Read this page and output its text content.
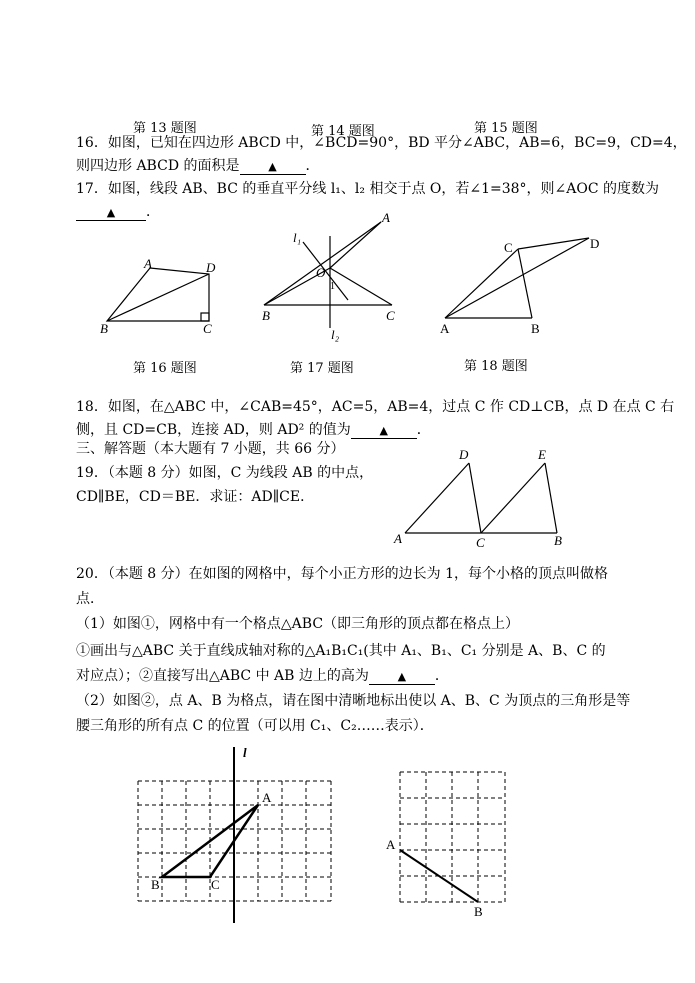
第 13 题图	第 14 题图	第 15 题图
16．如图，已知在四边形 ABCD 中，∠BCD=90°，BD 平分∠ABC，AB=6，BC=9，CD=4，
则四边形 ABCD 的面积是	▲ ．
17．如图，线段 AB、BC 的垂直平分线 l₁、l₂ 相交于点 O，若∠1=38°，则∠AOC 的度数为
▲ ．
A	D
B	C
第 16 题图
l₁
A
O
1
B	C
l₂
第 17 题图
C	D
A	B
第 18 题图
18．如图，在△ABC 中，∠CAB=45°，AC=5，AB=4，过点 C 作 CD⊥CB，点 D 在点 C 右
侧，且 CD=CB，连接 AD，则 AD² 的值为	▲ ．
三、解答题（本大题有 7 小题，共 66 分）
19．（本题 8 分）如图，C 为线段 AB 的中点，
CD∥BE，CD＝BE．求证：AD∥CE．
D	E
A	C	B
20．（本题 8 分）在如图的网格中，每个小正方形的边长为 1，每个小格的顶点叫做格
点．
（1）如图①，网格中有一个格点△ABC（即三角形的顶点都在格点上）
①画出与△ABC 关于直线成轴对称的△A₁B₁C₁(其中 A₁、B₁、C₁ 分别是 A、B、C 的
对应点）；②直接写出△ABC 中 AB 边上的高为	▲ ．
（2）如图②，点 A、B 为格点，请在图中清晰地标出使以 A、B、C 为顶点的三角形是等
腰三角形的所有点 C 的位置（可以用 C₁、C₂……表示）．
l
A
B	C
A
B
